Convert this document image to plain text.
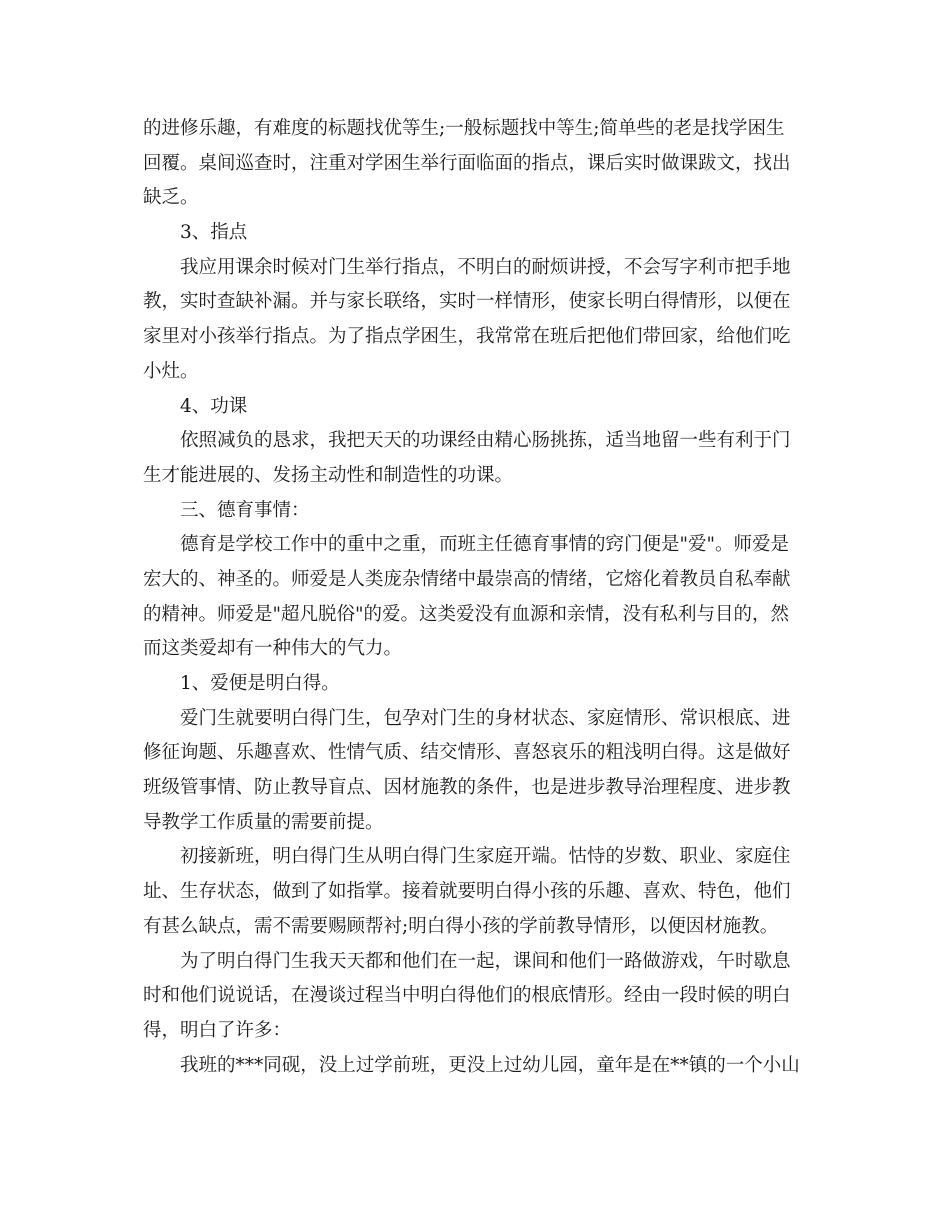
的进修乐趣，有难度的标题找优等生;一般标题找中等生;简单些的老是找学困生
回覆。桌间巡查时，注重对学困生举行面临面的指点，课后实时做课跋文，找出
缺乏。
3、指点
我应用课余时候对门生举行指点，不明白的耐烦讲授，不会写字利市把手地
教，实时查缺补漏。并与家长联络，实时一样情形，使家长明白得情形，以便在
家里对小孩举行指点。为了指点学困生，我常常在班后把他们带回家，给他们吃
小灶。
4、功课
依照减负的恳求，我把天天的功课经由精心肠挑拣，适当地留一些有利于门
生才能进展的、发扬主动性和制造性的功课。
三、德育事情：
德育是学校工作中的重中之重，而班主任德育事情的窍门便是"爱"。师爱是
宏大的、神圣的。师爱是人类庞杂情绪中最崇高的情绪，它熔化着教员自私奉献
的精神。师爱是"超凡脱俗"的爱。这类爱没有血源和亲情，没有私利与目的，然
而这类爱却有一种伟大的气力。
1、爱便是明白得。
爱门生就要明白得门生，包孕对门生的身材状态、家庭情形、常识根底、进
修征询题、乐趣喜欢、性情气质、结交情形、喜怒哀乐的粗浅明白得。这是做好
班级管事情、防止教导盲点、因材施教的条件，也是进步教导治理程度、进步教
导教学工作质量的需要前提。
初接新班，明白得门生从明白得门生家庭开端。怙恃的岁数、职业、家庭住
址、生存状态，做到了如指掌。接着就要明白得小孩的乐趣、喜欢、特色，他们
有甚么缺点，需不需要赐顾帮衬;明白得小孩的学前教导情形，以便因材施教。
为了明白得门生我天天都和他们在一起，课间和他们一路做游戏，午时歇息
时和他们说说话，在漫谈过程当中明白得他们的根底情形。经由一段时候的明白
得，明白了许多：
我班的***同砚，没上过学前班，更没上过幼儿园，童年是在**镇的一个小山
